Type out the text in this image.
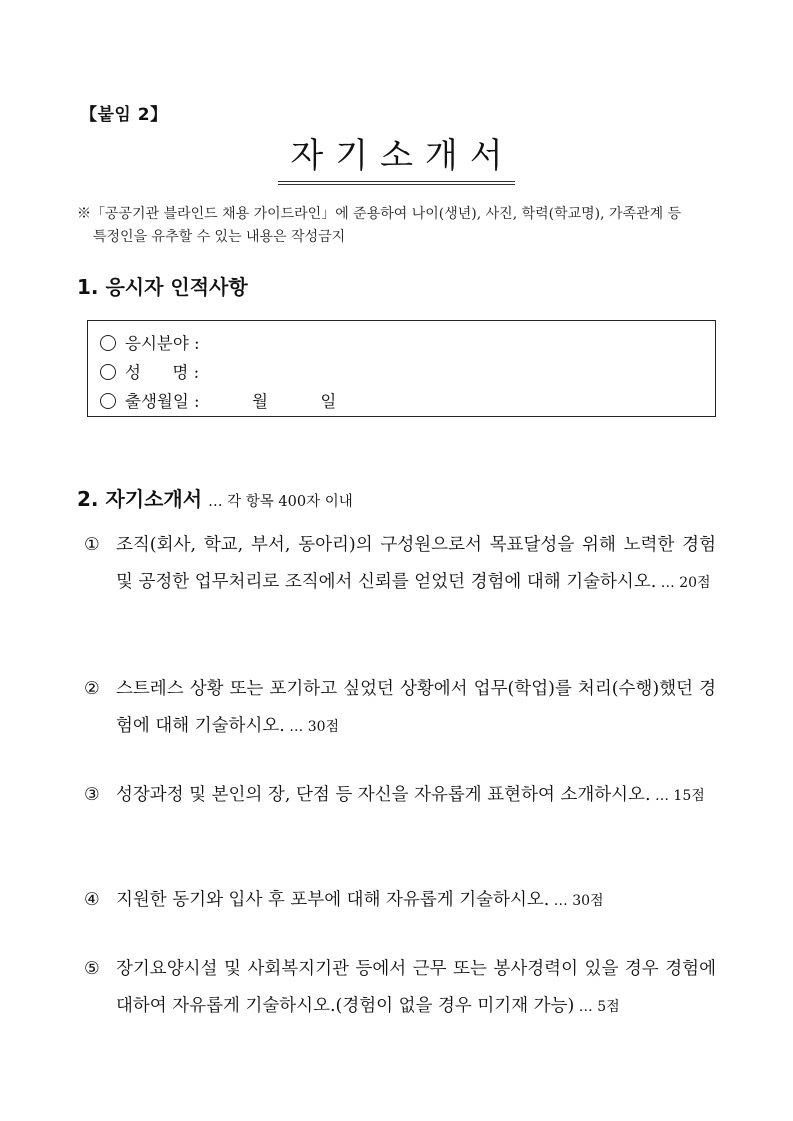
【붙임 2】
자기소개서
※「공공기관 블라인드 채용 가이드라인」에 준용하여 나이(생년), 사진, 학력(학교명), 가족관계 등
특정인을 유추할 수 있는 내용은 작성금지
1. 응시자 인적사항
응시분야 :
성      명 :
출생월일 :          월          일
2. 자기소개서 … 각 항목 400자 이내
① 조직(회사, 학교, 부서, 동아리)의 구성원으로서 목표달성을 위해 노력한 경험 및 공정한 업무처리로 조직에서 신뢰를 얻었던 경험에 대해 기술하시오. … 20점
② 스트레스 상황 또는 포기하고 싶었던 상황에서 업무(학업)를 처리(수행)했던 경험에 대해 기술하시오. … 30점
③ 성장과정 및 본인의 장, 단점 등 자신을 자유롭게 표현하여 소개하시오. … 15점
④ 지원한 동기와 입사 후 포부에 대해 자유롭게 기술하시오. … 30점
⑤ 장기요양시설 및 사회복지기관 등에서 근무 또는 봉사경력이 있을 경우 경험에 대하여 자유롭게 기술하시오.(경험이 없을 경우 미기재 가능) … 5점
